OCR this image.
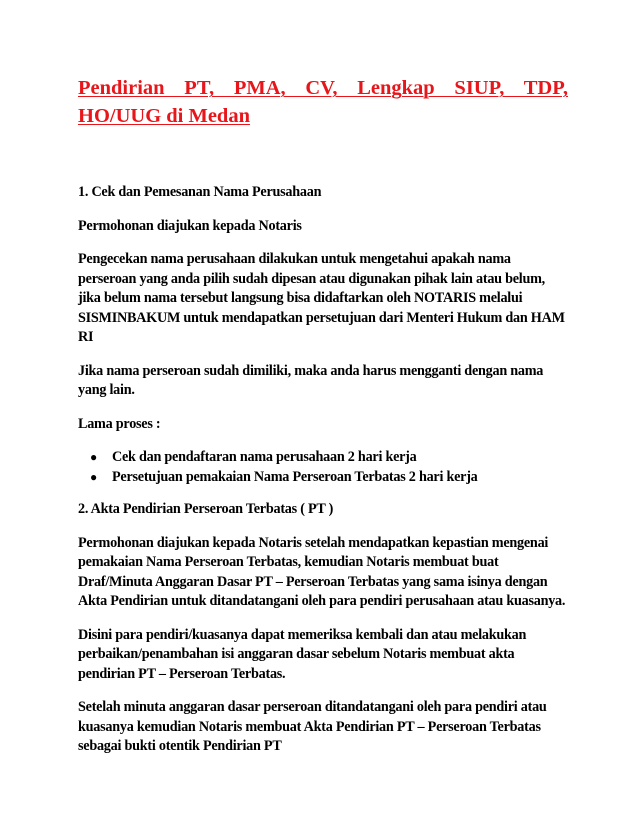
Pendirian PT, PMA, CV, Lengkap SIUP, TDP, HO/UUG di Medan
1. Cek dan Pemesanan Nama Perusahaan
Permohonan diajukan kepada Notaris
Pengecekan nama perusahaan dilakukan untuk mengetahui apakah nama perseroan yang anda pilih sudah dipesan atau digunakan pihak lain atau belum, jika belum nama tersebut langsung bisa didaftarkan oleh NOTARIS melalui SISMINBAKUM untuk mendapatkan persetujuan dari Menteri Hukum dan HAM RI
Jika nama perseroan sudah dimiliki, maka anda harus mengganti dengan nama yang lain.
Lama proses :
● Cek dan pendaftaran nama perusahaan 2 hari kerja
● Persetujuan pemakaian Nama Perseroan Terbatas 2 hari kerja
2. Akta Pendirian Perseroan Terbatas ( PT )
Permohonan diajukan kepada Notaris setelah mendapatkan kepastian mengenai pemakaian Nama Perseroan Terbatas, kemudian Notaris membuat buat Draf/Minuta Anggaran Dasar PT – Perseroan Terbatas yang sama isinya dengan Akta Pendirian untuk ditandatangani oleh para pendiri perusahaan atau kuasanya.
Disini para pendiri/kuasanya dapat memeriksa kembali dan atau melakukan perbaikan/penambahan isi anggaran dasar sebelum Notaris membuat akta pendirian PT – Perseroan Terbatas.
Setelah minuta anggaran dasar perseroan ditandatangani oleh para pendiri atau kuasanya kemudian Notaris membuat Akta Pendirian PT – Perseroan Terbatas sebagai bukti otentik Pendirian PT
